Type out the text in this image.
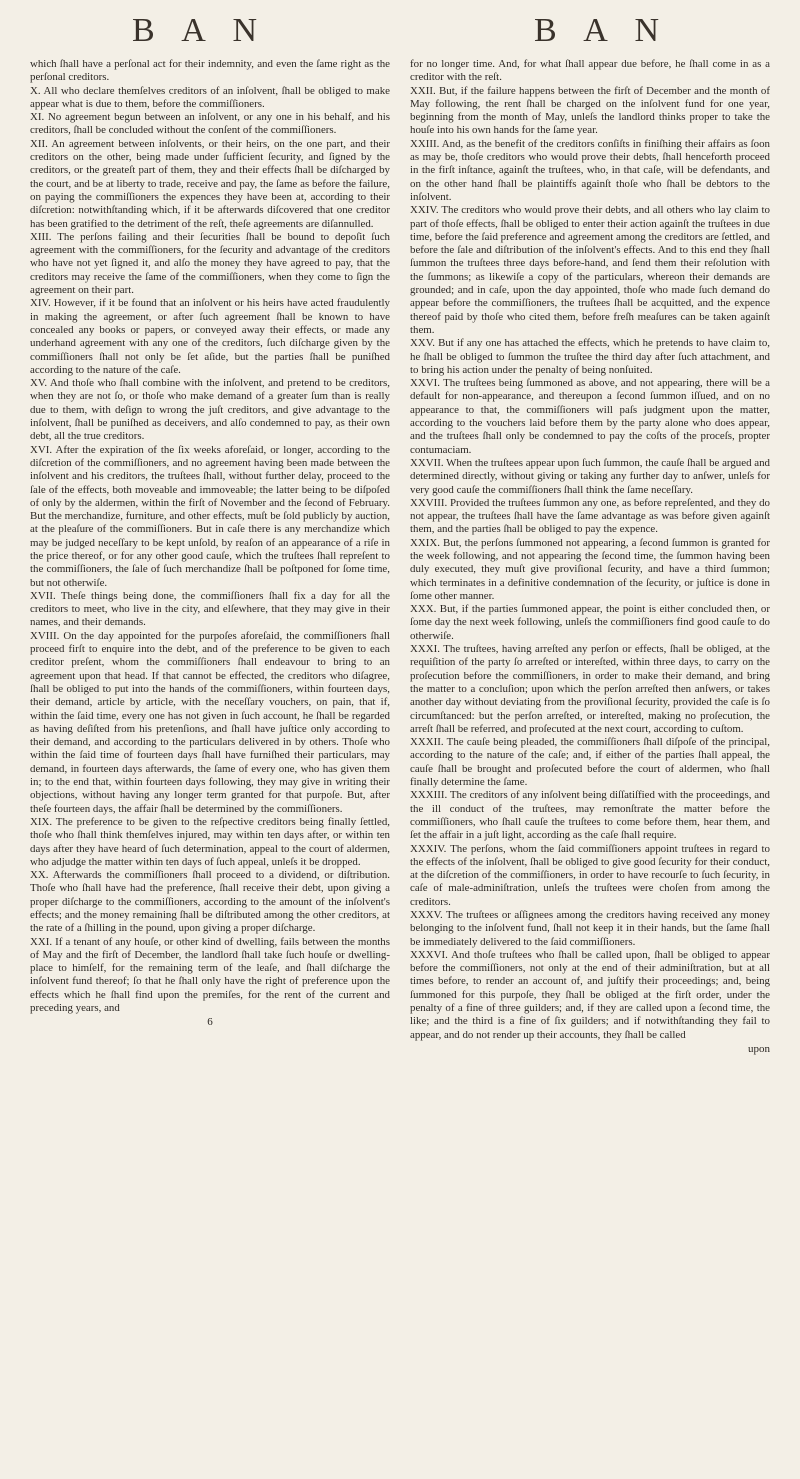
B A N	B A N

which ſhall have a perſonal act for their indemnity, and even the ſame right as the perſonal creditors.

X. All who declare themſelves creditors of an inſolvent, ſhall be obliged to make appear what is due to them, before the commiſſioners.

XI. No agreement begun between an inſolvent, or any one in his behalf, and his creditors, ſhall be concluded without the conſent of the commiſſioners.

XII. An agreement between inſolvents, or their heirs, on the one part, and their creditors on the other, being made under ſufficient ſecurity, and ſigned by the creditors, or the greateſt part of them, they and their effects ſhall be diſcharged by the court, and be at liberty to trade, receive and pay, the ſame as before the failure, on paying the commiſſioners the expences they have been at, according to their diſcretion: notwithſtanding which, if it be afterwards diſcovered that one creditor has been gratified to the detriment of the reſt, theſe agreements are diſannulled.

XIII. The perſons failing and their ſecurities ſhall be bound to depoſit ſuch agreement with the commiſſioners, for the ſecurity and advantage of the creditors who have not yet ſigned it, and alſo the money they have agreed to pay, that the creditors may receive the ſame of the commiſſioners, when they come to ſign the agreement on their part.

XIV. However, if it be found that an inſolvent or his heirs have acted fraudulently in making the agreement, or after ſuch agreement ſhall be known to have concealed any books or papers, or conveyed away their effects, or made any underhand agreement with any one of the creditors, ſuch diſcharge given by the commiſſioners ſhall not only be ſet aſide, but the parties ſhall be puniſhed according to the nature of the caſe.

XV. And thoſe who ſhall combine with the inſolvent, and pretend to be creditors, when they are not ſo, or thoſe who make demand of a greater ſum than is really due to them, with deſign to wrong the juſt creditors, and give advantage to the inſolvent, ſhall be puniſhed as deceivers, and alſo condemned to pay, as their own debt, all the true creditors.

XVI. After the expiration of the ſix weeks aforeſaid, or longer, according to the diſcretion of the commiſſioners, and no agreement having been made between the inſolvent and his creditors, the truſtees ſhall, without further delay, proceed to the ſale of the effects, both moveable and immoveable; the latter being to be diſpoſed of only by the aldermen, within the firſt of November and the ſecond of February. But the merchandize, furniture, and other effects, muſt be ſold publicly by auction, at the pleaſure of the commiſſioners. But in caſe there is any merchandize which may be judged neceſſary to be kept unſold, by reaſon of an appearance of a riſe in the price thereof, or for any other good cauſe, which the truſtees ſhall repreſent to the commiſſioners, the ſale of ſuch merchandize ſhall be poſtponed for ſome time, but not otherwiſe.

XVII. Theſe things being done, the commiſſioners ſhall fix a day for all the creditors to meet, who live in the city, and elſewhere, that they may give in their names, and their demands.

XVIII. On the day appointed for the purpoſes aforeſaid, the commiſſioners ſhall proceed firſt to enquire into the debt, and of the preference to be given to each creditor preſent, whom the commiſſioners ſhall endeavour to bring to an agreement upon that head. If that cannot be effected, the creditors who diſagree, ſhall be obliged to put into the hands of the commiſſioners, within fourteen days, their demand, article by article, with the neceſſary vouchers, on pain, that if, within the ſaid time, every one has not given in ſuch account, he ſhall be regarded as having deſiſted from his pretenſions, and ſhall have juſtice only according to their demand, and according to the particulars delivered in by others. Thoſe who within the ſaid time of fourteen days ſhall have furniſhed their particulars, may demand, in fourteen days afterwards, the ſame of every one, who has given them in; to the end that, within fourteen days following, they may give in writing their objections, without having any longer term granted for that purpoſe. But, after theſe fourteen days, the affair ſhall be determined by the commiſſioners.

XIX. The preference to be given to the reſpective creditors being finally ſettled, thoſe who ſhall think themſelves injured, may within ten days after, or within ten days after they have heard of ſuch determination, appeal to the court of aldermen, who adjudge the matter within ten days of ſuch appeal, unleſs it be dropped.

XX. Afterwards the commiſſioners ſhall proceed to a dividend, or diſtribution. Thoſe who ſhall have had the preference, ſhall receive their debt, upon giving a proper diſcharge to the commiſſioners, according to the amount of the inſolvent's effects; and the money remaining ſhall be diſtributed among the other creditors, at the rate of a ſhilling in the pound, upon giving a proper diſcharge.

XXI. If a tenant of any houſe, or other kind of dwelling, fails between the months of May and the firſt of December, the landlord ſhall take ſuch houſe or dwelling-place to himſelf, for the remaining term of the leaſe, and ſhall diſcharge the inſolvent fund thereof; ſo that he ſhall only have the right of preference upon the effects which he ſhall find upon the premiſes, for the rent of the current and preceding years, and

6

for no longer time. And, for what ſhall appear due before, he ſhall come in as a creditor with the reſt.

XXII. But, if the failure happens between the firſt of December and the month of May following, the rent ſhall be charged on the inſolvent fund for one year, beginning from the month of May, unleſs the landlord thinks proper to take the houſe into his own hands for the ſame year.

XXIII. And, as the benefit of the creditors conſiſts in finiſhing their affairs as ſoon as may be, thoſe creditors who would prove their debts, ſhall henceforth proceed in the firſt inſtance, againſt the truſtees, who, in that caſe, will be defendants, and on the other hand ſhall be plaintiffs againſt thoſe who ſhall be debtors to the inſolvent.

XXIV. The creditors who would prove their debts, and all others who lay claim to part of thoſe effects, ſhall be obliged to enter their action againſt the truſtees in due time, before the ſaid preference and agreement among the creditors are ſettled, and before the ſale and diſtribution of the inſolvent's effects. And to this end they ſhall ſummon the truſtees three days before-hand, and ſend them their reſolution with the ſummons; as likewiſe a copy of the particulars, whereon their demands are grounded; and in caſe, upon the day appointed, thoſe who made ſuch demand do appear before the commiſſioners, the truſtees ſhall be acquitted, and the expence thereof paid by thoſe who cited them, before freſh meaſures can be taken againſt them.

XXV. But if any one has attached the effects, which he pretends to have claim to, he ſhall be obliged to ſummon the truſtee the third day after ſuch attachment, and to bring his action under the penalty of being nonſuited.

XXVI. The truſtees being ſummoned as above, and not appearing, there will be a default for non-appearance, and thereupon a ſecond ſummon iſſued, and on no appearance to that, the commiſſioners will paſs judgment upon the matter, according to the vouchers laid before them by the party alone who does appear, and the truſtees ſhall only be condemned to pay the coſts of the proceſs, propter contumaciam.

XXVII. When the truſtees appear upon ſuch ſummon, the cauſe ſhall be argued and determined directly, without giving or taking any further day to anſwer, unleſs for very good cauſe the commiſſioners ſhall think the ſame neceſſary.

XXVIII. Provided the truſtees ſummon any one, as before repreſented, and they do not appear, the truſtees ſhall have the ſame advantage as was before given againſt them, and the parties ſhall be obliged to pay the expence.

XXIX. But, the perſons ſummoned not appearing, a ſecond ſummon is granted for the week following, and not appearing the ſecond time, the ſummon having been duly executed, they muſt give proviſional ſecurity, and have a third ſummon; which terminates in a definitive condemnation of the ſecurity, or juſtice is done in ſome other manner.

XXX. But, if the parties ſummoned appear, the point is either concluded then, or ſome day the next week following, unleſs the commiſſioners find good cauſe to do otherwiſe.

XXXI. The truſtees, having arreſted any perſon or effects, ſhall be obliged, at the requiſition of the party ſo arreſted or intereſted, within three days, to carry on the proſecution before the commiſſioners, in order to make their demand, and bring the matter to a concluſion; upon which the perſon arreſted then anſwers, or takes another day without deviating from the proviſional ſecurity, provided the caſe is ſo circumſtanced: but the perſon arreſted, or intereſted, making no proſecution, the arreſt ſhall be referred, and proſecuted at the next court, according to cuſtom.

XXXII. The cauſe being pleaded, the commiſſioners ſhall diſpoſe of the principal, according to the nature of the caſe; and, if either of the parties ſhall appeal, the cauſe ſhall be brought and proſecuted before the court of aldermen, who ſhall finally determine the ſame.

XXXIII. The creditors of any inſolvent being diſſatiſfied with the proceedings, and the ill conduct of the truſtees, may remonſtrate the matter before the commiſſioners, who ſhall cauſe the truſtees to come before them, hear them, and ſet the affair in a juſt light, according as the caſe ſhall require.

XXXIV. The perſons, whom the ſaid commiſſioners appoint truſtees in regard to the effects of the inſolvent, ſhall be obliged to give good ſecurity for their conduct, at the diſcretion of the commiſſioners, in order to have recourſe to ſuch ſecurity, in caſe of male-adminiſtration, unleſs the truſtees were choſen from among the creditors.

XXXV. The truſtees or aſſignees among the creditors having received any money belonging to the inſolvent fund, ſhall not keep it in their hands, but the ſame ſhall be immediately delivered to the ſaid commiſſioners.

XXXVI. And thoſe truſtees who ſhall be called upon, ſhall be obliged to appear before the commiſſioners, not only at the end of their adminiſtration, but at all times before, to render an account of, and juſtify their proceedings; and, being ſummoned for this purpoſe, they ſhall be obliged at the firſt order, under the penalty of a fine of three guilders; and, if they are called upon a ſecond time, the like; and the third is a fine of ſix guilders; and if notwithſtanding they fail to appear, and do not render up their accounts, they ſhall be called

upon
